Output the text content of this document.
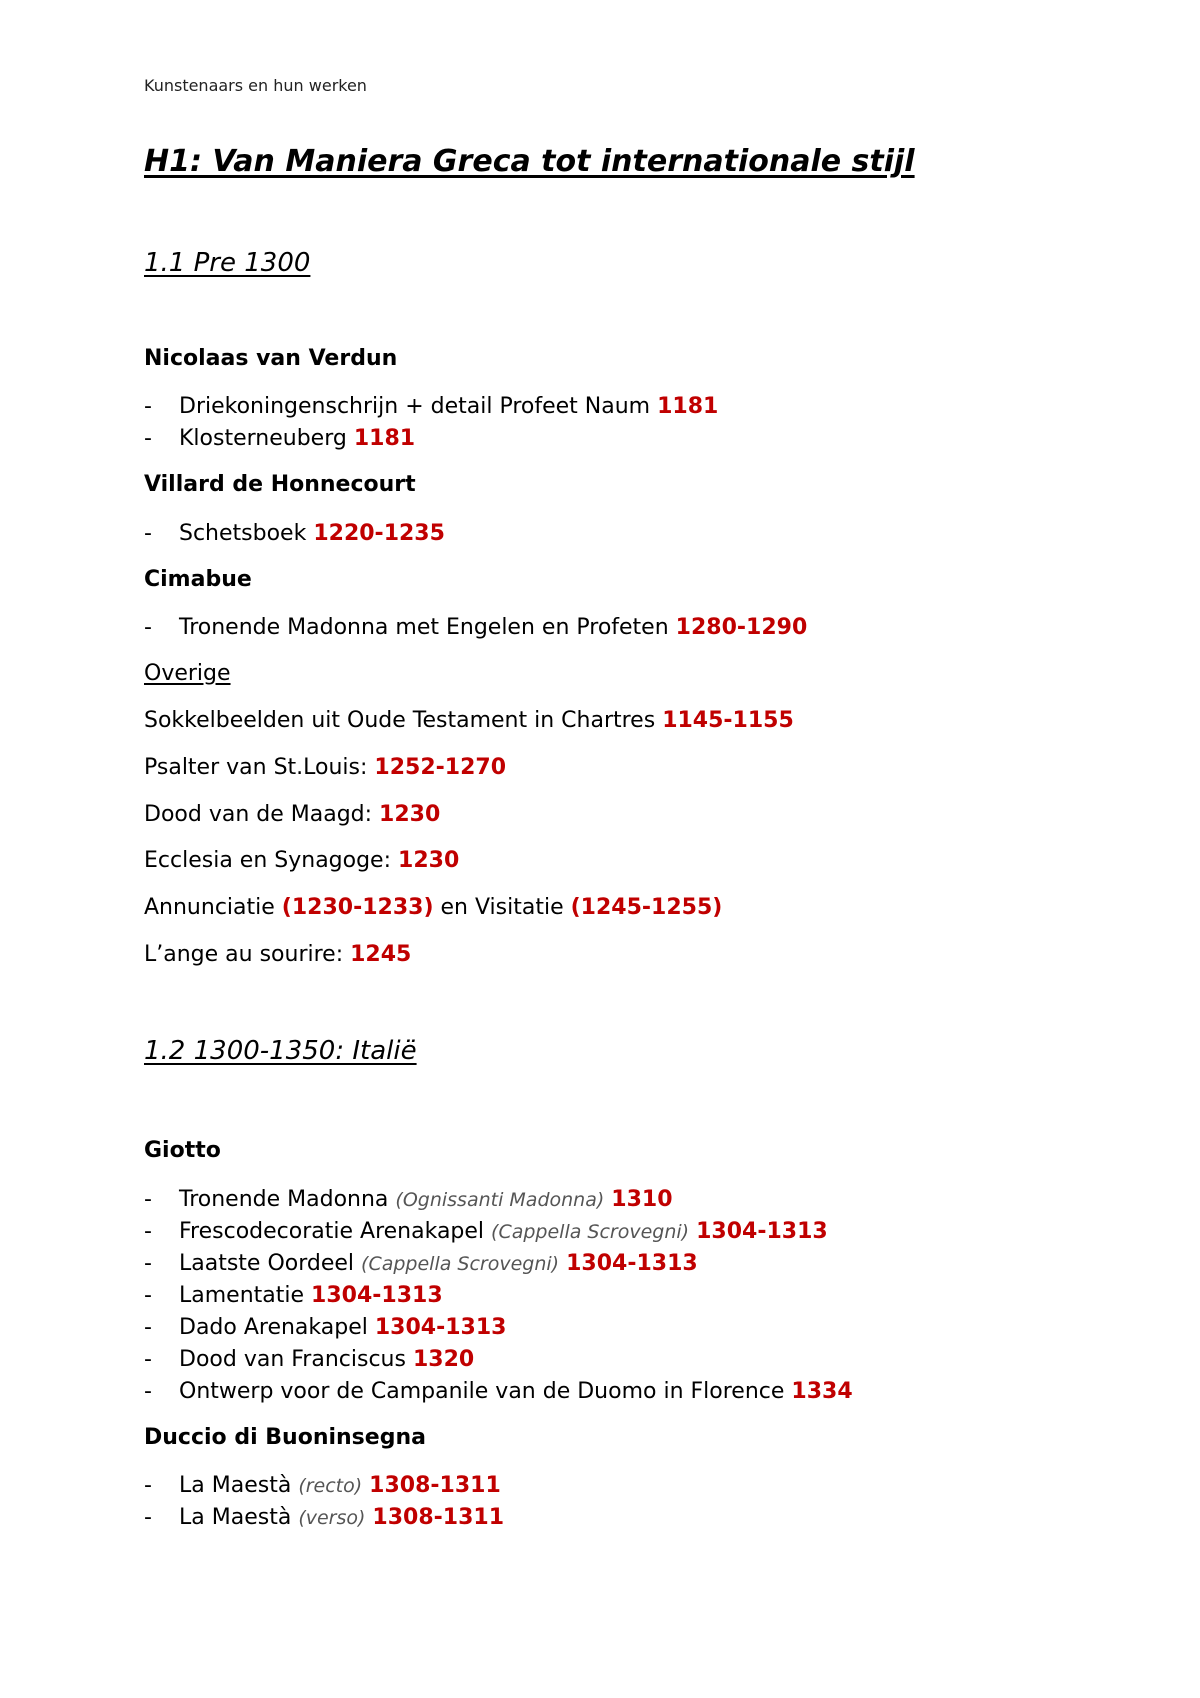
Kunstenaars en hun werken
H1: Van Maniera Greca tot internationale stijl
1.1 Pre 1300
Nicolaas van Verdun
- Driekoningenschrijn + detail Profeet Naum 1181
- Klosterneuberg 1181
Villard de Honnecourt
- Schetsboek 1220-1235
Cimabue
- Tronende Madonna met Engelen en Profeten 1280-1290
Overige
Sokkelbeelden uit Oude Testament in Chartres 1145-1155
Psalter van St.Louis: 1252-1270
Dood van de Maagd: 1230
Ecclesia en Synagoge: 1230
Annunciatie (1230-1233) en Visitatie (1245-1255)
L’ange au sourire: 1245
1.2 1300-1350: Italië
Giotto
- Tronende Madonna (Ognissanti Madonna) 1310
- Frescodecoratie Arenakapel (Cappella Scrovegni) 1304-1313
- Laatste Oordeel (Cappella Scrovegni) 1304-1313
- Lamentatie 1304-1313
- Dado Arenakapel 1304-1313
- Dood van Franciscus 1320
- Ontwerp voor de Campanile van de Duomo in Florence 1334
Duccio di Buoninsegna
- La Maestà (recto) 1308-1311
- La Maestà (verso) 1308-1311
